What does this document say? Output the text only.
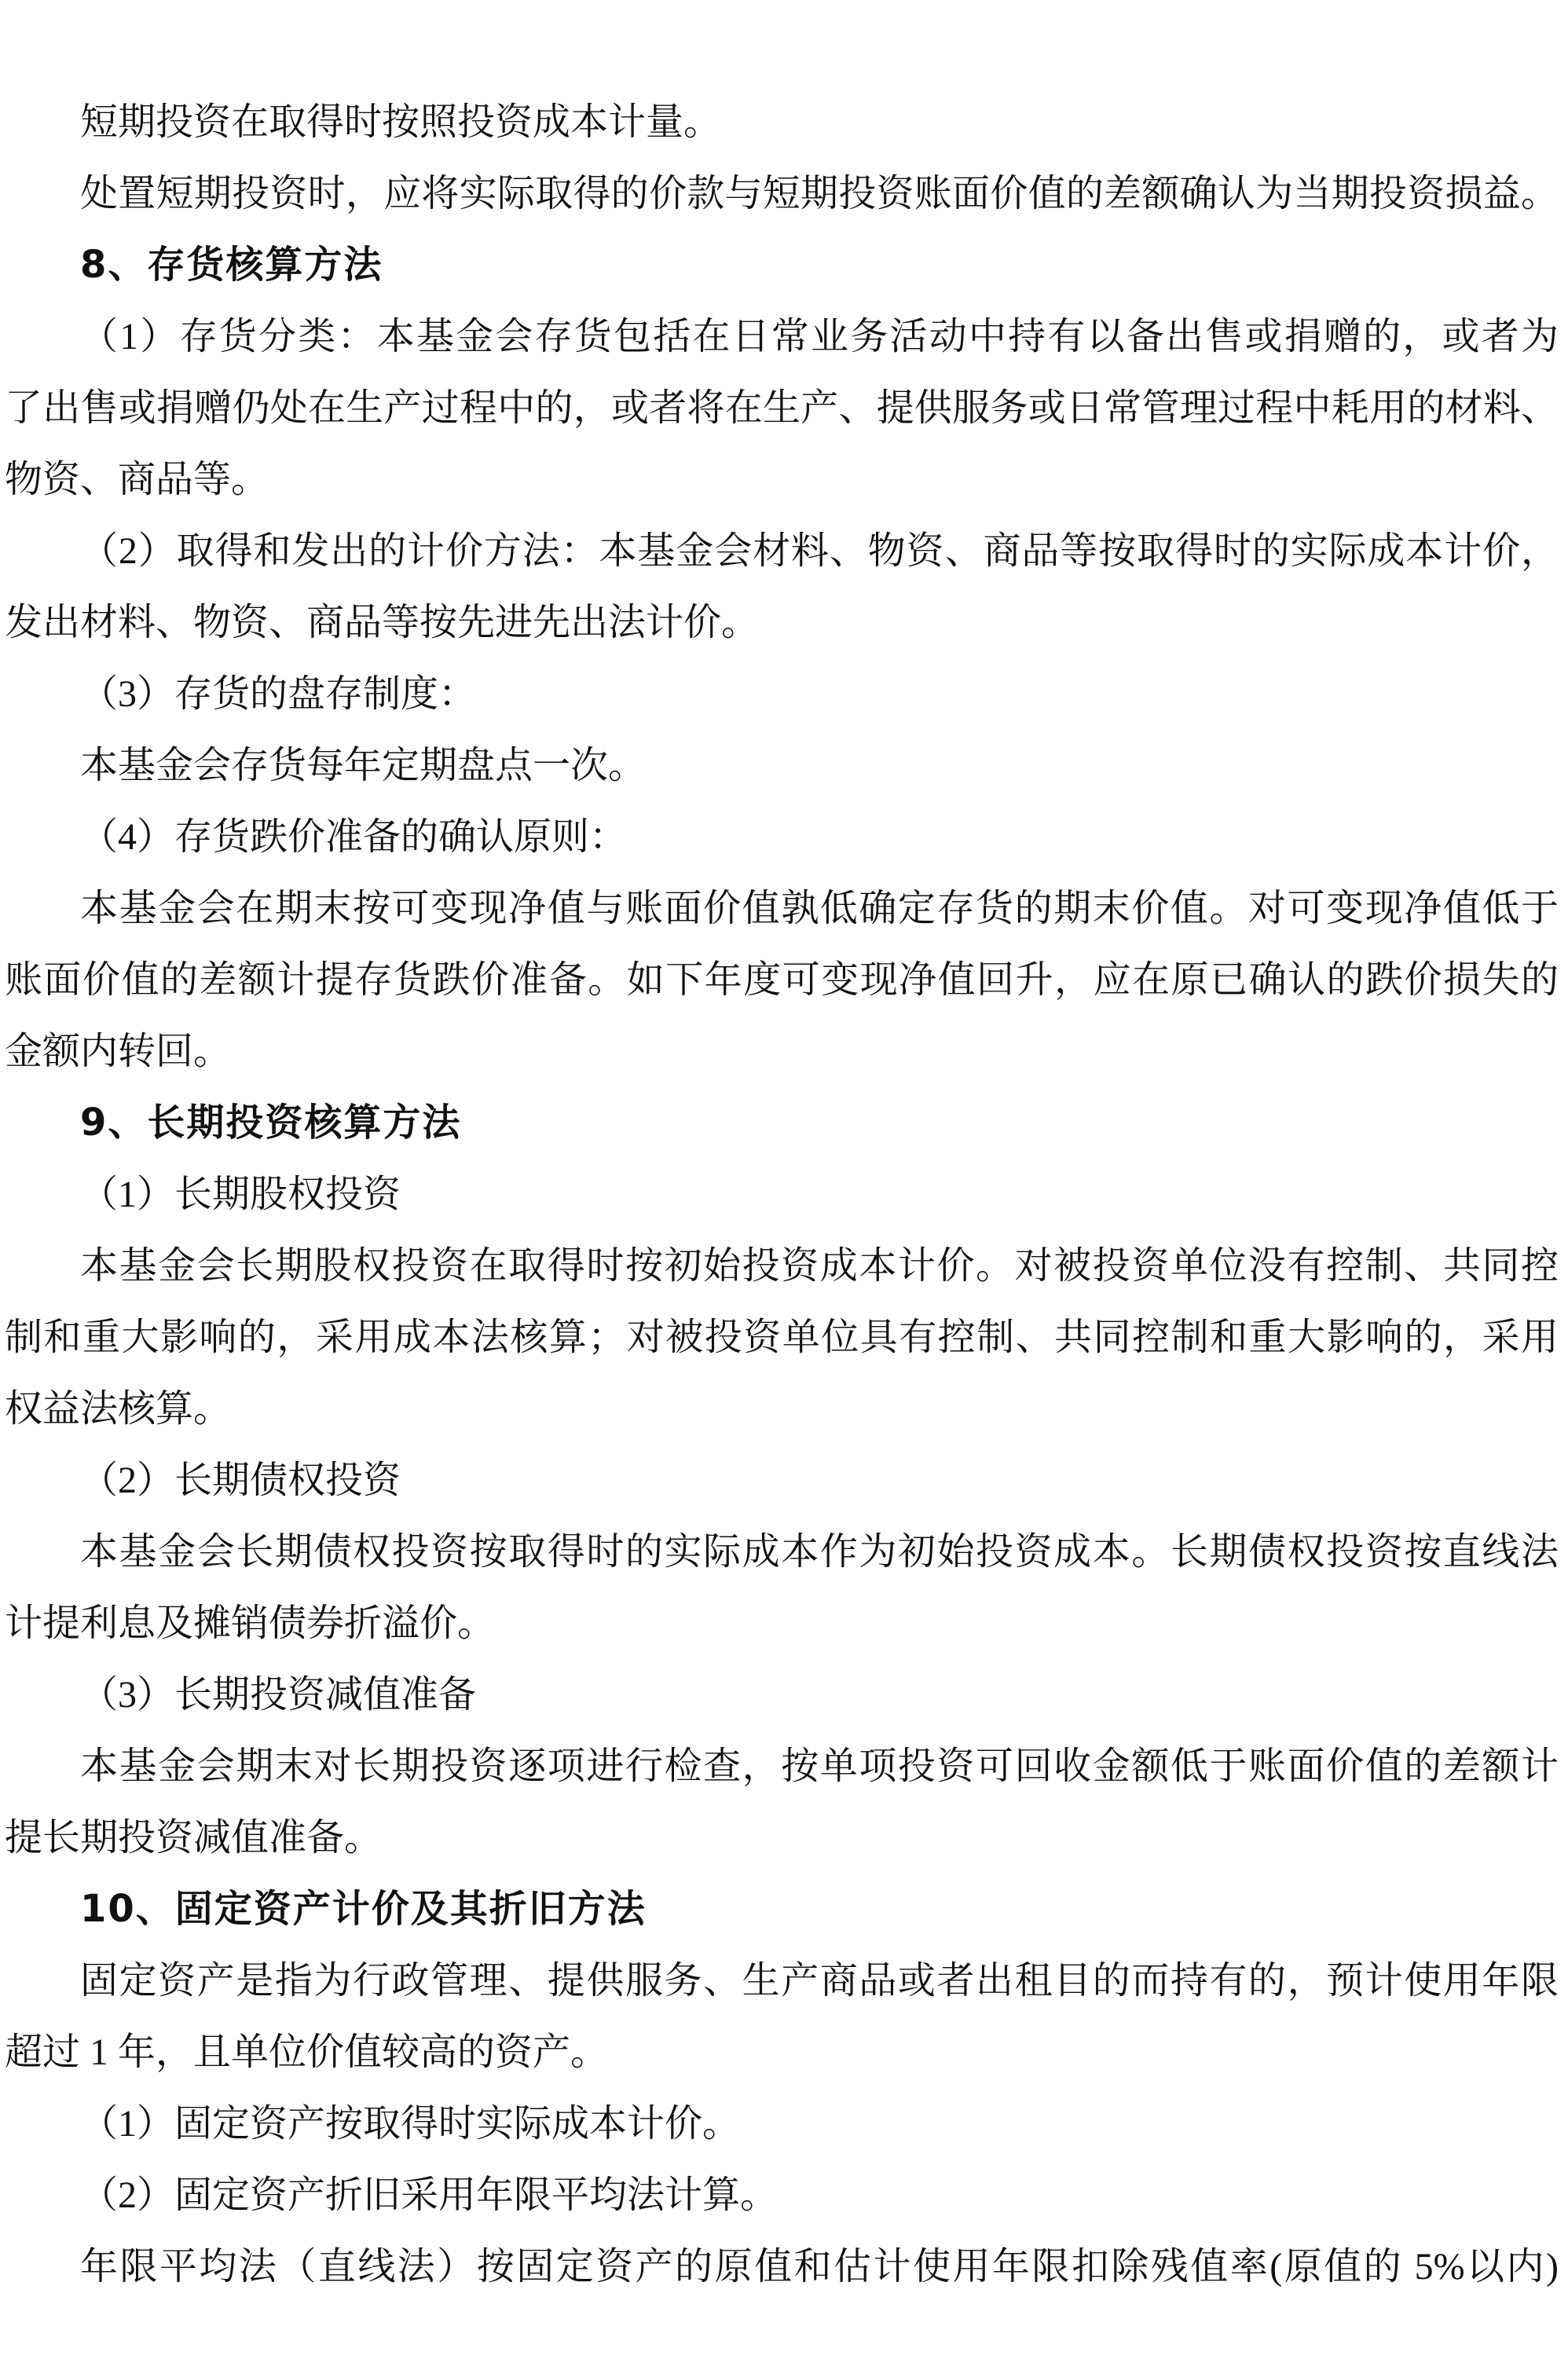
短期投资在取得时按照投资成本计量。
处置短期投资时，应将实际取得的价款与短期投资账面价值的差额确认为当期投资损益。
8、存货核算方法
（1）存货分类：本基金会存货包括在日常业务活动中持有以备出售或捐赠的，或者为
了出售或捐赠仍处在生产过程中的，或者将在生产、提供服务或日常管理过程中耗用的材料、
物资、商品等。
（2）取得和发出的计价方法：本基金会材料、物资、商品等按取得时的实际成本计价，
发出材料、物资、商品等按先进先出法计价。
（3）存货的盘存制度：
本基金会存货每年定期盘点一次。
（4）存货跌价准备的确认原则：
本基金会在期末按可变现净值与账面价值孰低确定存货的期末价值。对可变现净值低于
账面价值的差额计提存货跌价准备。如下年度可变现净值回升，应在原已确认的跌价损失的
金额内转回。
9、长期投资核算方法
（1）长期股权投资
本基金会长期股权投资在取得时按初始投资成本计价。对被投资单位没有控制、共同控
制和重大影响的，采用成本法核算；对被投资单位具有控制、共同控制和重大影响的，采用
权益法核算。
（2）长期债权投资
本基金会长期债权投资按取得时的实际成本作为初始投资成本。长期债权投资按直线法
计提利息及摊销债券折溢价。
（3）长期投资减值准备
本基金会期末对长期投资逐项进行检查，按单项投资可回收金额低于账面价值的差额计
提长期投资减值准备。
10、固定资产计价及其折旧方法
固定资产是指为行政管理、提供服务、生产商品或者出租目的而持有的，预计使用年限
超过 1 年，且单位价值较高的资产。
（1）固定资产按取得时实际成本计价。
（2）固定资产折旧采用年限平均法计算。
年限平均法（直线法）按固定资产的原值和估计使用年限扣除残值率(原值的 5%以内)
